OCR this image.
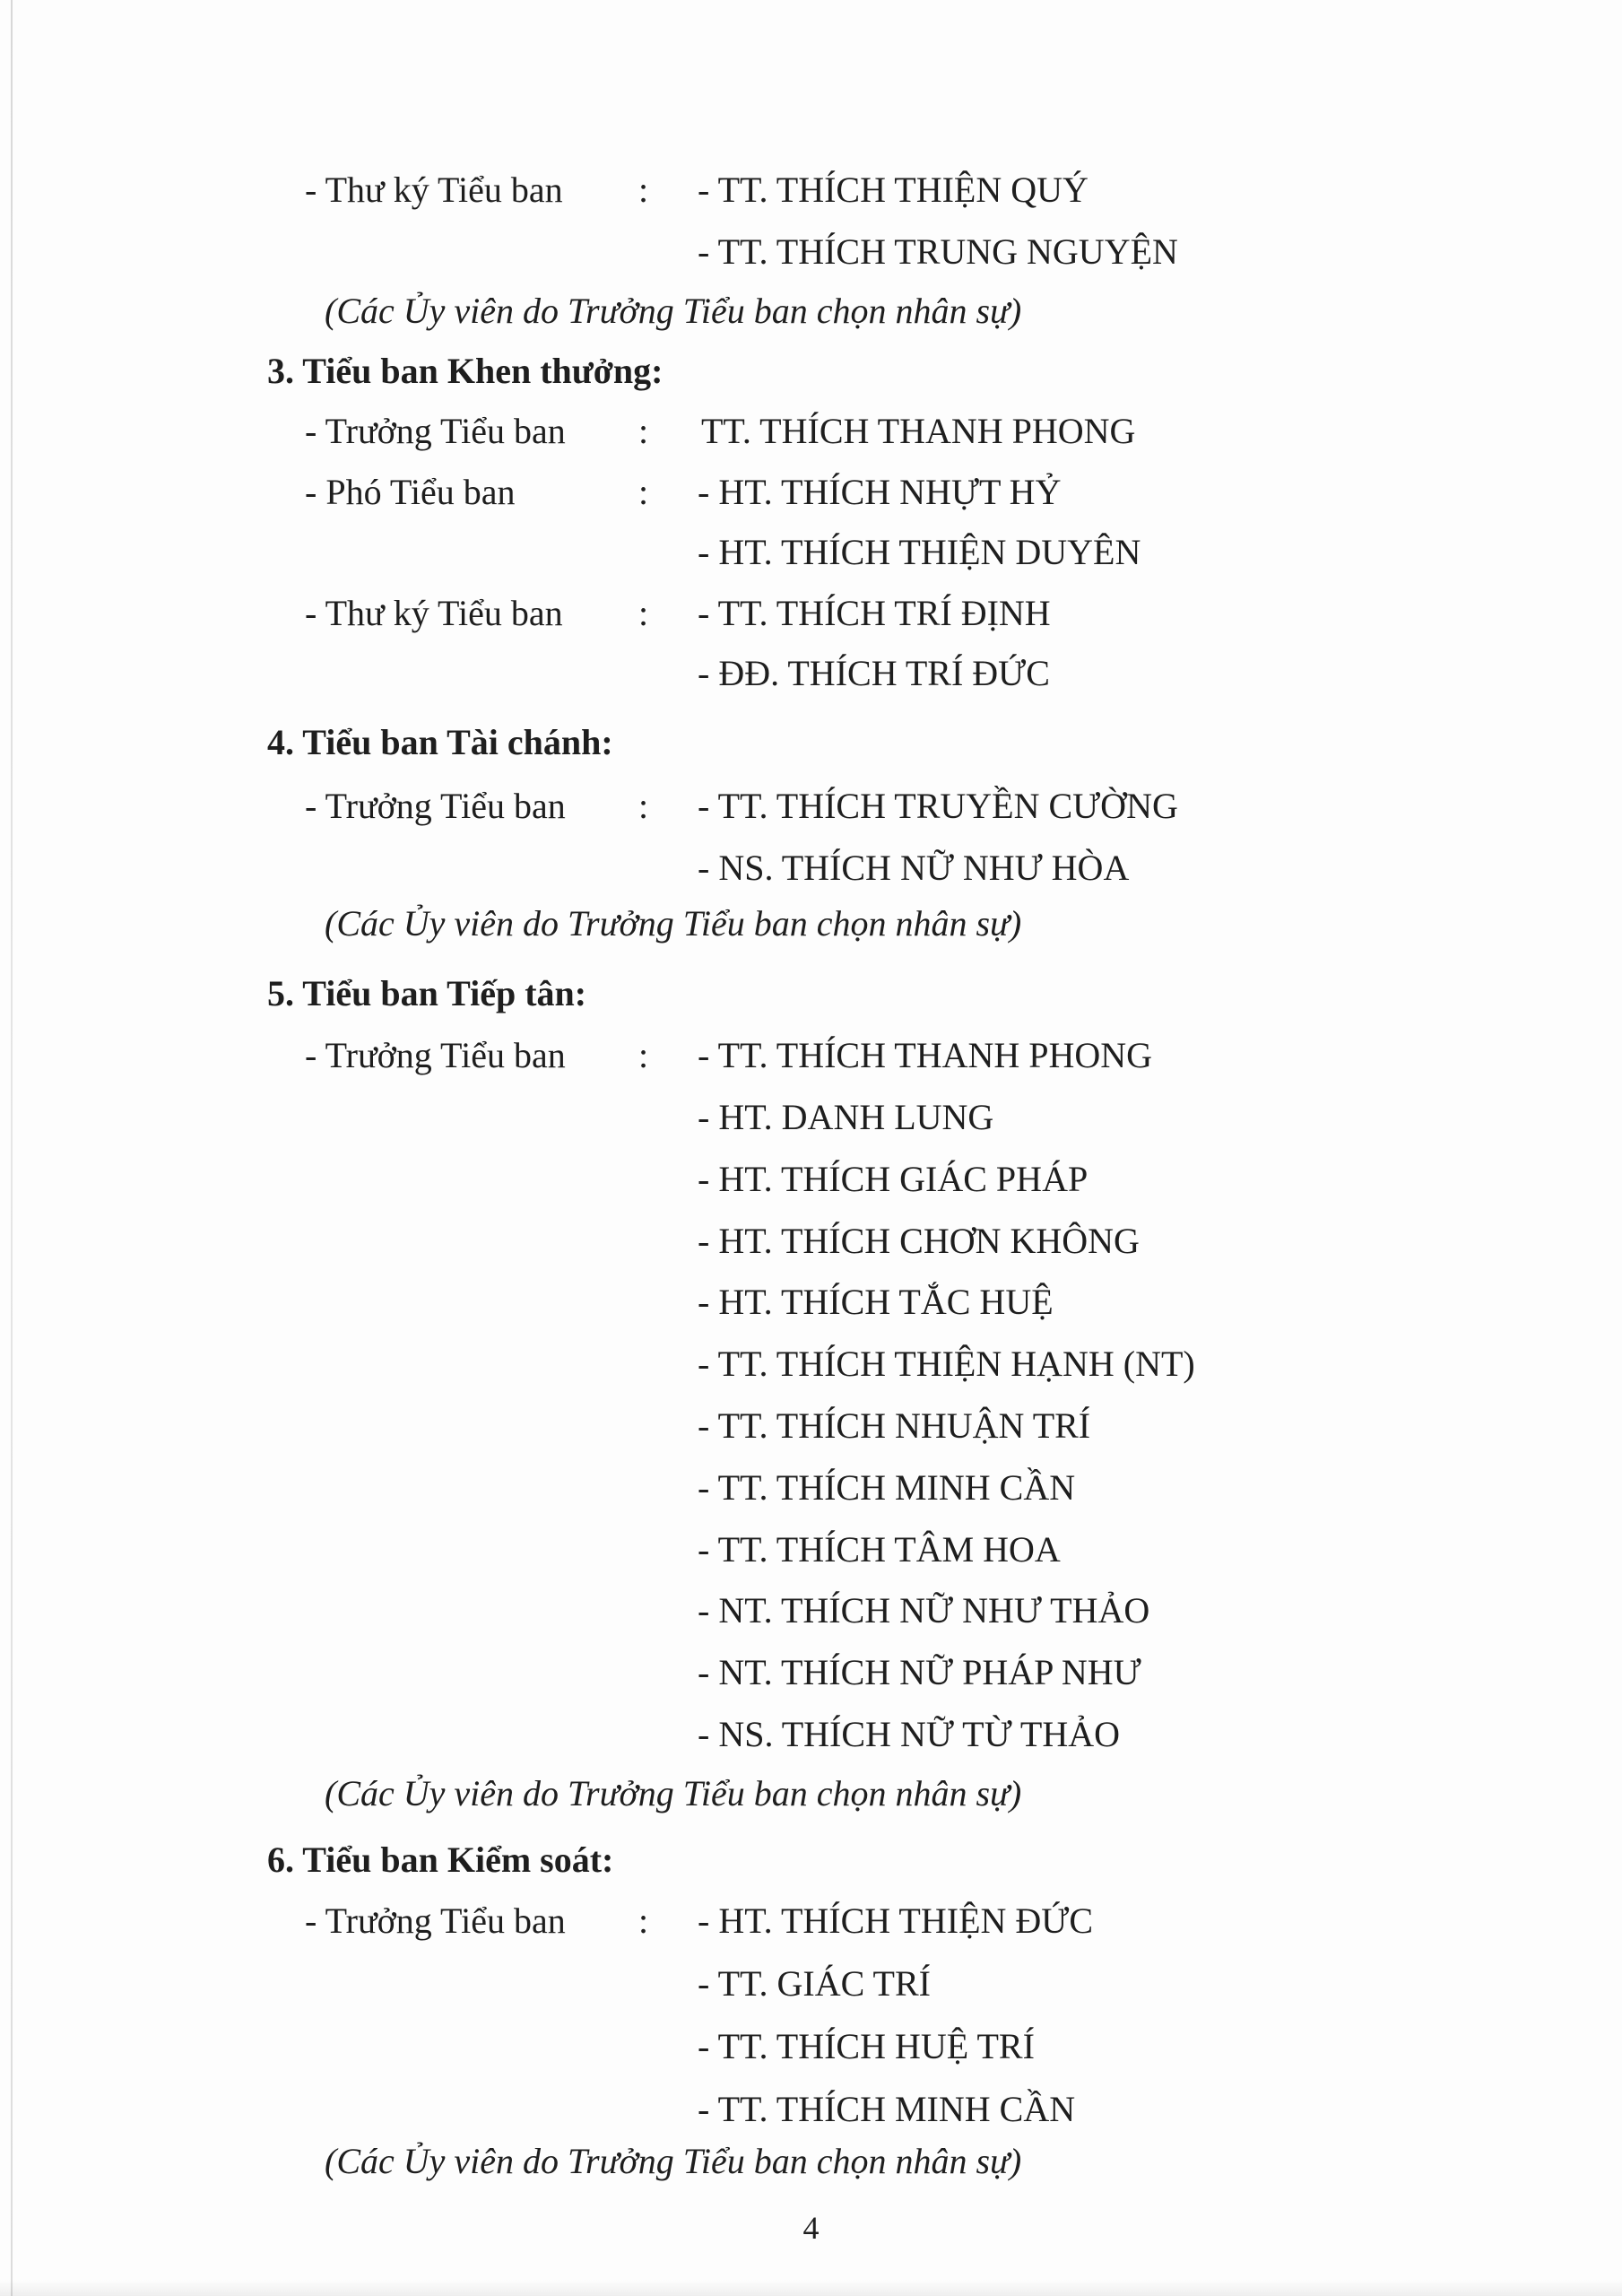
- Thư ký Tiểu ban : - TT. THÍCH THIỆN QUÝ
- TT. THÍCH TRUNG NGUYỆN
(Các Ủy viên do Trưởng Tiểu ban chọn nhân sự)
3. Tiểu ban Khen thưởng:
- Trưởng Tiểu ban : TT. THÍCH THANH PHONG
- Phó Tiểu ban	: - HT. THÍCH NHỰT HỶ
- HT. THÍCH THIỆN DUYÊN
- Thư ký Tiểu ban : - TT. THÍCH TRÍ ĐỊNH
- ĐĐ. THÍCH TRÍ ĐỨC
4. Tiểu ban Tài chánh:
- Trưởng Tiểu ban : - TT. THÍCH TRUYỀN CƯỜNG
- NS. THÍCH NỮ NHƯ HÒA
(Các Ủy viên do Trưởng Tiểu ban chọn nhân sự)
5. Tiểu ban Tiếp tân:
- Trưởng Tiểu ban : - TT. THÍCH THANH PHONG
- HT. DANH LUNG
- HT. THÍCH GIÁC PHÁP
- HT. THÍCH CHƠN KHÔNG
- HT. THÍCH TẮC HUỆ
- TT. THÍCH THIỆN HẠNH (NT)
- TT. THÍCH NHUẬN TRÍ
- TT. THÍCH MINH CẦN
- TT. THÍCH TÂM HOA
- NT. THÍCH NỮ NHƯ THẢO
- NT. THÍCH NỮ PHÁP NHƯ
- NS. THÍCH NỮ TỪ THẢO
(Các Ủy viên do Trưởng Tiểu ban chọn nhân sự)
6. Tiểu ban Kiểm soát:
- Trưởng Tiểu ban : - HT. THÍCH THIỆN ĐỨC
- TT. GIÁC TRÍ
- TT. THÍCH HUỆ TRÍ
- TT. THÍCH MINH CẦN
(Các Ủy viên do Trưởng Tiểu ban chọn nhân sự)
4
